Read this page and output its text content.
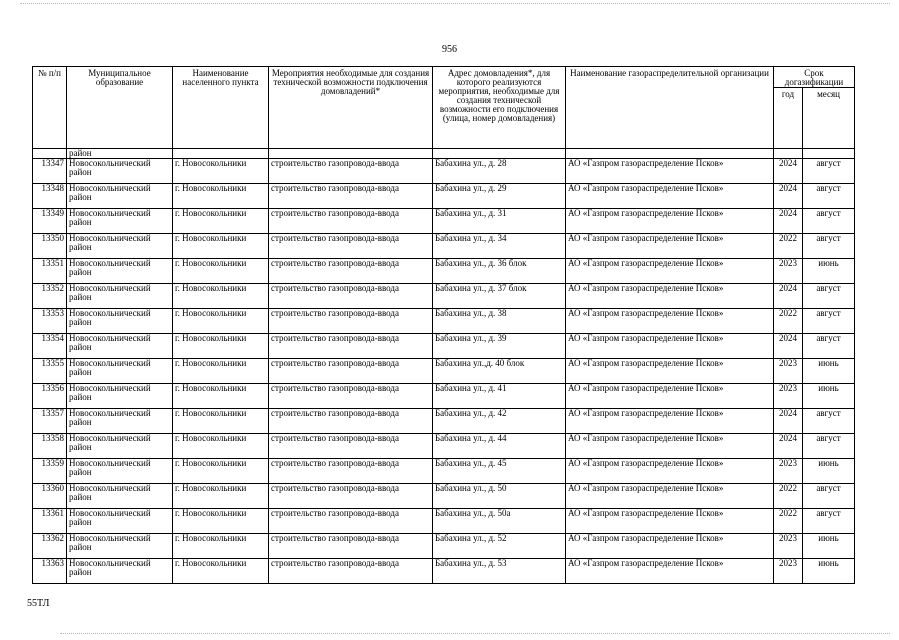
956
№ п/п	Муниципальное образование	Наименование населенного пункта	Мероприятия необходимые для создания технической возможности подключения домовладений*	Адрес домовладения*, для которого реализуются мероприятия, необходимые для создания технической возможности его подключения (улица, номер домовладения)	Наименование газораспределительной организации	Срок догазификации	
						год	месяц
	район						
13347	Новосокольнический район	г. Новосокольники	строительство газопровода-ввода	Бабахина ул., д. 28	АО «Газпром газораспределение Псков»	2024	август
13348	Новосокольнический район	г. Новосокольники	строительство газопровода-ввода	Бабахина ул., д. 29	АО «Газпром газораспределение Псков»	2024	август
13349	Новосокольнический район	г. Новосокольники	строительство газопровода-ввода	Бабахина ул., д. 31	АО «Газпром газораспределение Псков»	2024	август
13350	Новосокольнический район	г. Новосокольники	строительство газопровода-ввода	Бабахина ул., д. 34	АО «Газпром газораспределение Псков»	2022	август
13351	Новосокольнический район	г. Новосокольники	строительство газопровода-ввода	Бабахина ул., д. 36 блок	АО «Газпром газораспределение Псков»	2023	июнь
13352	Новосокольнический район	г. Новосокольники	строительство газопровода-ввода	Бабахина ул., д. 37 блок	АО «Газпром газораспределение Псков»	2024	август
13353	Новосокольнический район	г. Новосокольники	строительство газопровода-ввода	Бабахина ул., д. 38	АО «Газпром газораспределение Псков»	2022	август
13354	Новосокольнический район	г. Новосокольники	строительство газопровода-ввода	Бабахина ул., д. 39	АО «Газпром газораспределение Псков»	2024	август
13355	Новосокольнический район	г. Новосокольники	строительство газопровода-ввода	Бабахина ул.,д. 40 блок	АО «Газпром газораспределение Псков»	2023	июнь
13356	Новосокольнический район	г. Новосокольники	строительство газопровода-ввода	Бабахина ул., д. 41	АО «Газпром газораспределение Псков»	2023	июнь
13357	Новосокольнический район	г. Новосокольники	строительство газопровода-ввода	Бабахина ул., д. 42	АО «Газпром газораспределение Псков»	2024	август
13358	Новосокольнический район	г. Новосокольники	строительство газопровода-ввода	Бабахина ул., д. 44	АО «Газпром газораспределение Псков»	2024	август
13359	Новосокольнический район	г. Новосокольники	строительство газопровода-ввода	Бабахина ул., д. 45	АО «Газпром газораспределение Псков»	2023	июнь
13360	Новосокольнический район	г. Новосокольники	строительство газопровода-ввода	Бабахина ул., д. 50	АО «Газпром газораспределение Псков»	2022	август
13361	Новосокольнический район	г. Новосокольники	строительство газопровода-ввода	Бабахина ул., д. 50а	АО «Газпром газораспределение Псков»	2022	август
13362	Новосокольнический район	г. Новосокольники	строительство газопровода-ввода	Бабахина ул., д. 52	АО «Газпром газораспределение Псков»	2023	июнь
13363	Новосокольнический район	г. Новосокольники	строительство газопровода-ввода	Бабахина ул., д. 53	АО «Газпром газораспределение Псков»	2023	июнь
55ТЛ
